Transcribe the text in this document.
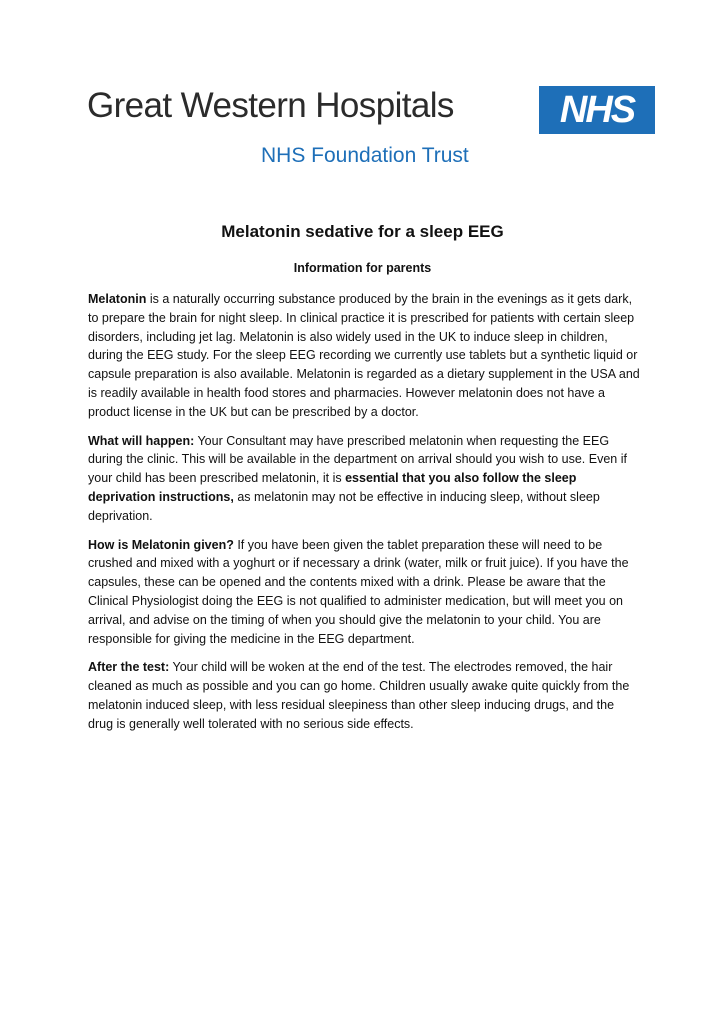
Great Western Hospitals	NHS
NHS Foundation Trust
Melatonin sedative for a sleep EEG
Information for parents

Melatonin is a naturally occurring substance produced by the brain in the evenings as it gets dark, to prepare the brain for night sleep. In clinical practice it is prescribed for patients with certain sleep disorders, including jet lag. Melatonin is also widely used in the UK to induce sleep in children, during the EEG study. For the sleep EEG recording we currently use tablets but a synthetic liquid or capsule preparation is also available. Melatonin is regarded as a dietary supplement in the USA and is readily available in health food stores and pharmacies. However melatonin does not have a product license in the UK but can be prescribed by a doctor.

What will happen: Your Consultant may have prescribed melatonin when requesting the EEG during the clinic. This will be available in the department on arrival should you wish to use. Even if your child has been prescribed melatonin, it is essential that you also follow the sleep deprivation instructions, as melatonin may not be effective in inducing sleep, without sleep deprivation.

How is Melatonin given? If you have been given the tablet preparation these will need to be crushed and mixed with a yoghurt or if necessary a drink (water, milk or fruit juice). If you have the capsules, these can be opened and the contents mixed with a drink. Please be aware that the Clinical Physiologist doing the EEG is not qualified to administer medication, but will meet you on arrival, and advise on the timing of when you should give the melatonin to your child. You are responsible for giving the medicine in the EEG department.

After the test: Your child will be woken at the end of the test. The electrodes removed, the hair cleaned as much as possible and you can go home. Children usually awake quite quickly from the melatonin induced sleep, with less residual sleepiness than other sleep inducing drugs, and the drug is generally well tolerated with no serious side effects.
